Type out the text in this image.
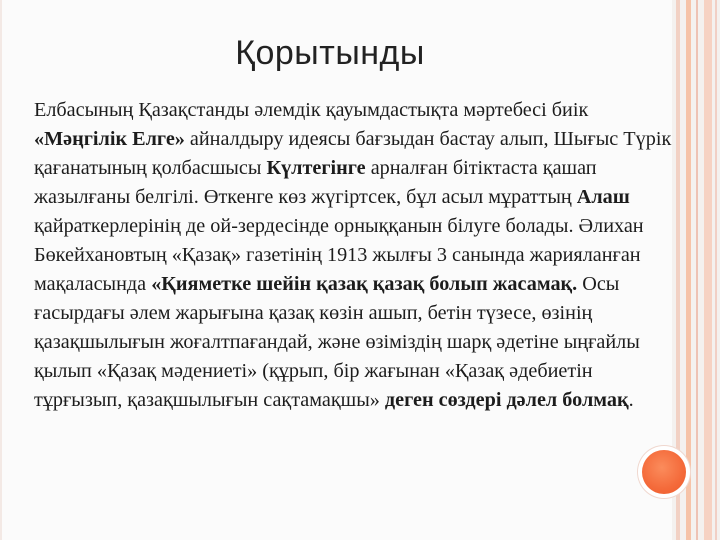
Қорытынды

Елбасының Қазақстанды әлемдік қауымдастықта мәртебесі биік «Мәңгілік Елге» айналдыру идеясы бағзыдан бастау алып, Шығыс Түрік қағанатының қолбасшысы Күлтегінге арналған бітіктаста қашап жазылғаны белгілі. Өткенге көз жүгіртсек, бұл асыл мұраттың Алаш қайраткерлерінің де ой-зердесінде орныққанын білуге болады. Әлихан Бөкейхановтың «Қазақ» газетінің 1913 жылғы 3 санында жарияланған мақаласында «Қияметке шейін қазақ қазақ болып жасамақ. Осы ғасырдағы әлем жарығына қазақ көзін ашып, бетін түзесе, өзінің қазақшылығын жоғалтпағандай, және өзіміздің шарқ әдетіне ыңғайлы қылып «Қазақ мәдениеті» (құрып, бір жағынан «Қазақ әдебиетін тұрғызып, қазақшылығын сақтамақшы» деген сөздері дәлел болмақ.
